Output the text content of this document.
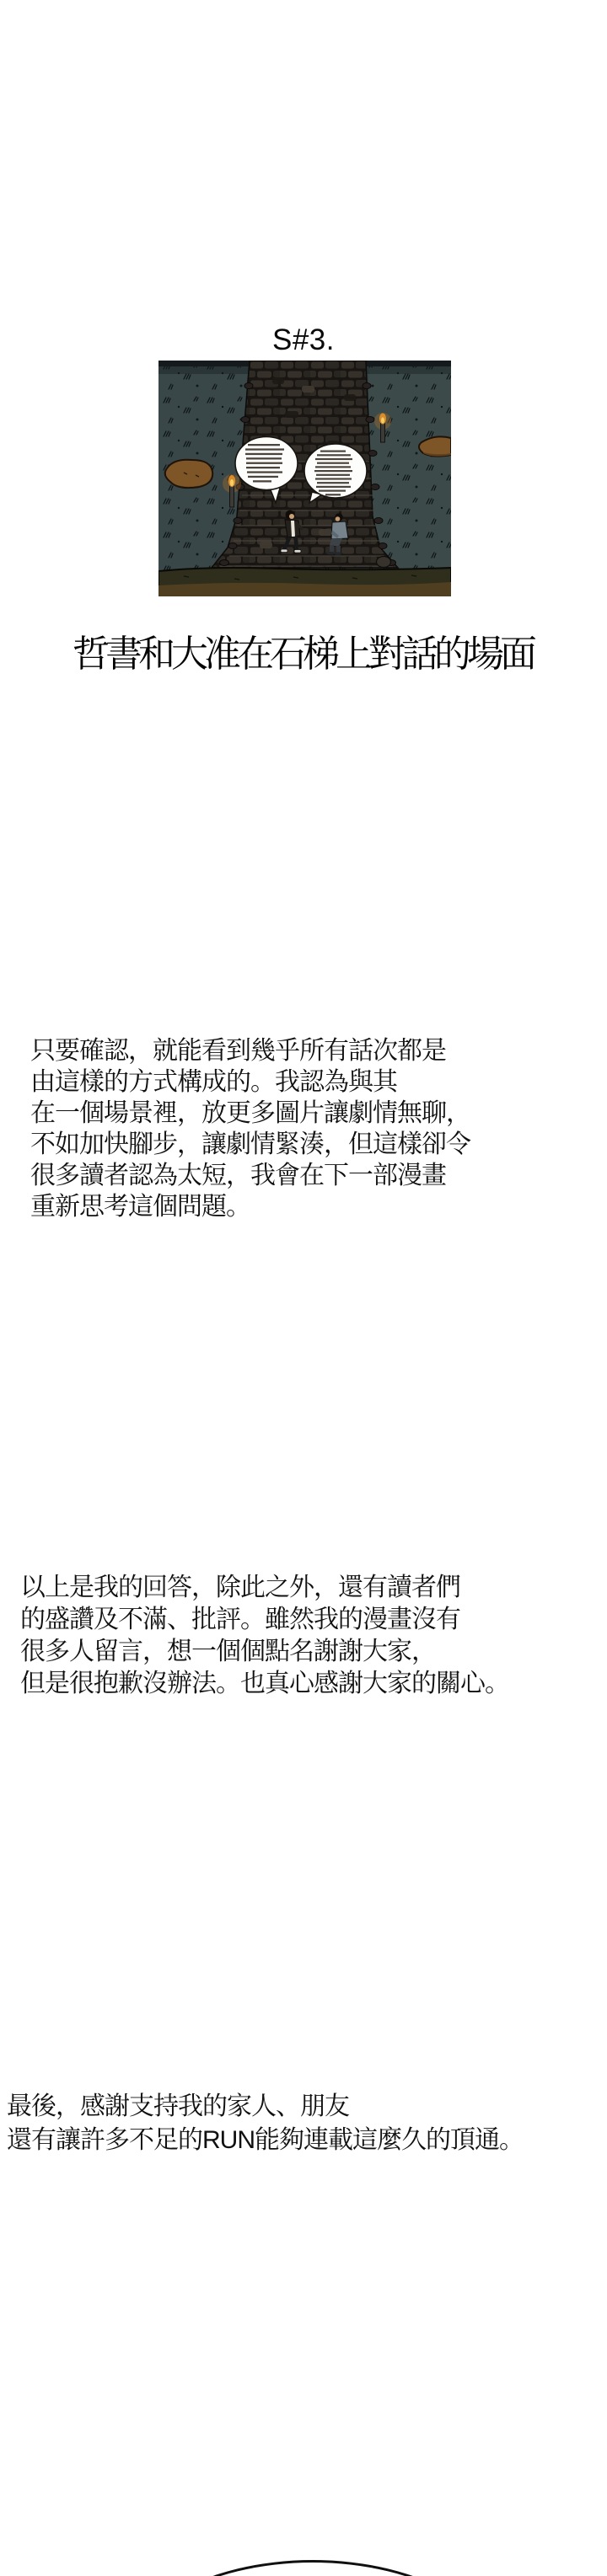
S#3.
哲書和大准在石梯上對話的場面
只要確認，就能看到幾乎所有話次都是
由這樣的方式構成的。我認為與其
在一個場景裡，放更多圖片讓劇情無聊，
不如加快腳步，讓劇情緊湊，但這樣卻令
很多讀者認為太短，我會在下一部漫畫
重新思考這個問題。
以上是我的回答，除此之外，還有讀者們
的盛讚及不滿、批評。雖然我的漫畫沒有
很多人留言，想一個個點名謝謝大家，
但是很抱歉沒辦法。也真心感謝大家的關心。
最後，感謝支持我的家人、朋友
還有讓許多不足的RUN能夠連載這麼久的頂通。
